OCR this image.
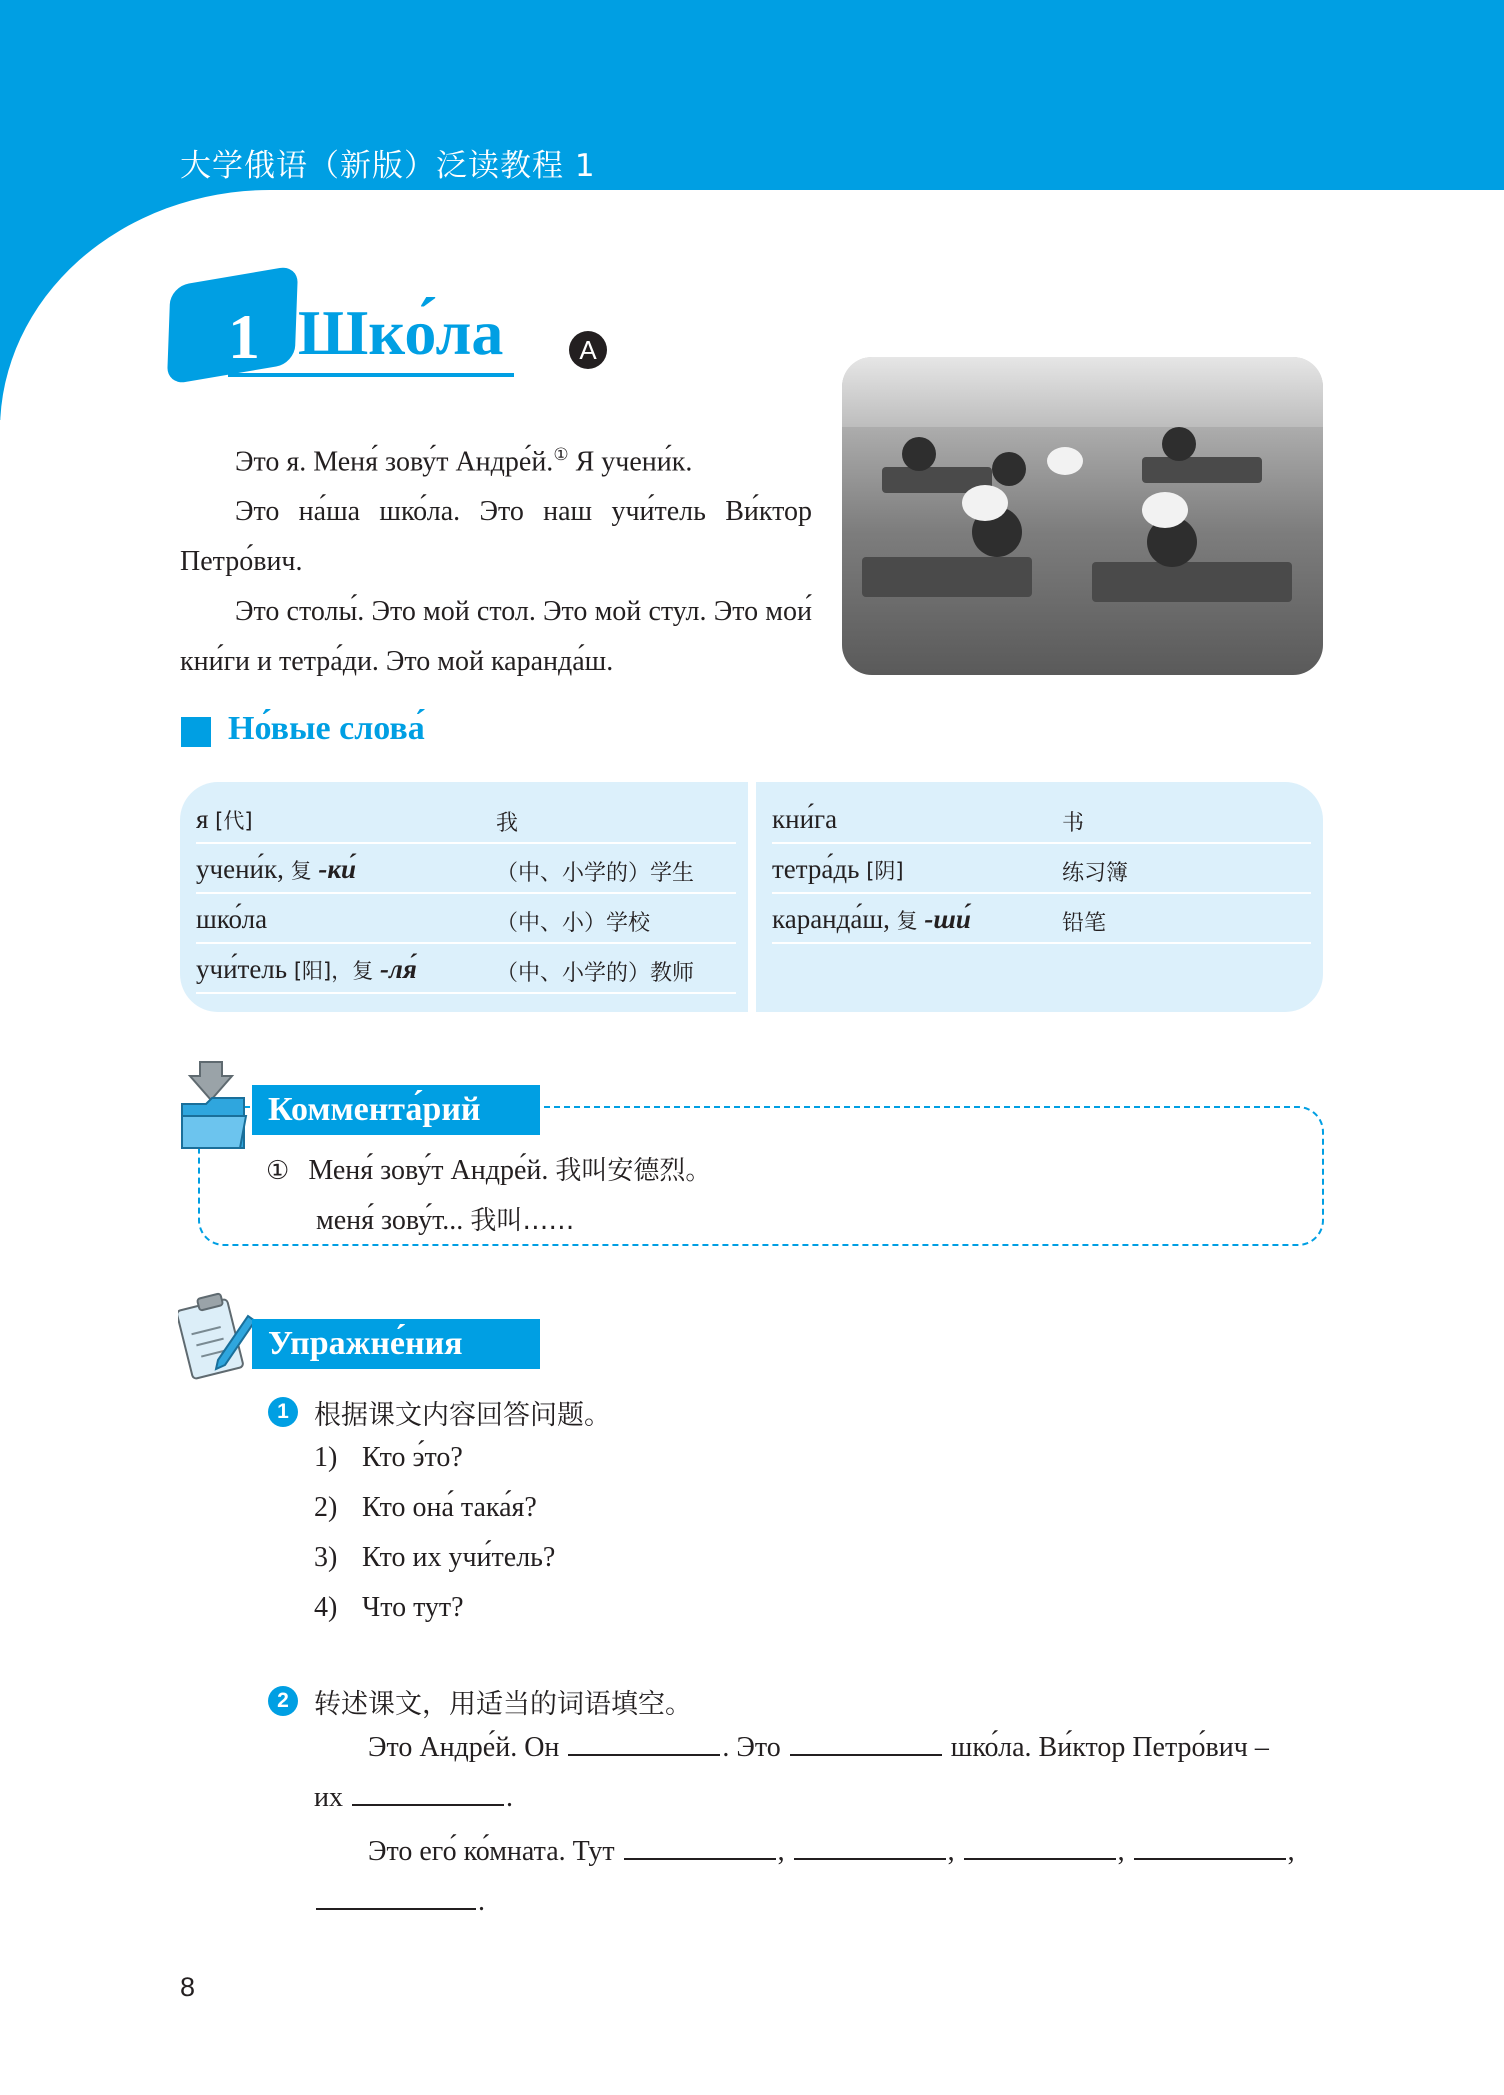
大学俄语（新版）泛读教程 1
1 Шко́ла	A

Это я. Меня́ зову́т Андре́й.① Я учени́к.

Это на́ша шко́ла. Это наш учи́тель Ви́ктор Петро́вич.

Это столы́. Это мой стол. Это мой стул. Это мои́ кни́ги и тетра́ди. Это мой каранда́ш.

Но́вые слова́
я [代]	我
учени́к, 复 -ки́	（中、小学的）学生
шко́ла	（中、小）学校
учи́тель [阳]，复 -ля́	（中、小学的）教师
кни́га	书
тетра́дь [阴]	练习簿
каранда́ш, 复 -ши́	铅笔
Коммента́рий
① Меня́ зову́т Андре́й. 我叫安德烈。
меня́ зову́т... 我叫……
Упражне́ния
1 根据课文内容回答问题。
1) Кто э́то?
2) Кто она́ така́я?
3) Кто их учи́тель?
4) Что тут?
2 转述课文，用适当的词语填空。
Это Андре́й. Он	. Это	шко́ла. Ви́ктор Петро́вич –
их	.
Это его́ ко́мната. Тут	,	,	,	,
.
8
